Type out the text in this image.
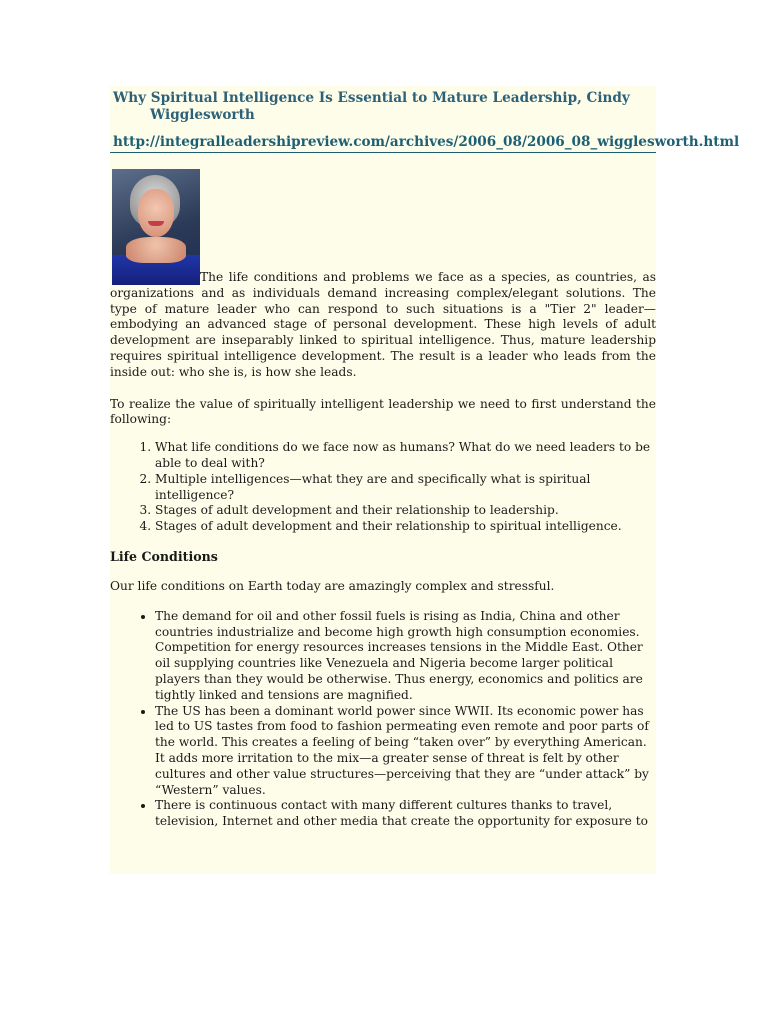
Why Spiritual Intelligence Is Essential to Mature Leadership, Cindy Wigglesworth
http://integralleadershipreview.com/archives/2006_08/2006_08_wigglesworth.html
The life conditions and problems we face as a species, as countries, as organizations and as individuals demand increasing complex/elegant solutions. The type of mature leader who can respond to such situations is a "Tier 2" leader—embodying an advanced stage of personal development. These high levels of adult development are inseparably linked to spiritual intelligence. Thus, mature leadership requires spiritual intelligence development. The result is a leader who leads from the inside out: who she is, is how she leads.

To realize the value of spiritually intelligent leadership we need to first understand the following:

1. What life conditions do we face now as humans? What do we need leaders to be able to deal with?
2. Multiple intelligences—what they are and specifically what is spiritual intelligence?
3. Stages of adult development and their relationship to leadership.
4. Stages of adult development and their relationship to spiritual intelligence.
Life Conditions

Our life conditions on Earth today are amazingly complex and stressful.

• The demand for oil and other fossil fuels is rising as India, China and other countries industrialize and become high growth high consumption economies. Competition for energy resources increases tensions in the Middle East. Other oil supplying countries like Venezuela and Nigeria become larger political players than they would be otherwise. Thus energy, economics and politics are tightly linked and tensions are magnified.
• The US has been a dominant world power since WWII. Its economic power has led to US tastes from food to fashion permeating even remote and poor parts of the world. This creates a feeling of being “taken over” by everything American. It adds more irritation to the mix—a greater sense of threat is felt by other cultures and other value structures—perceiving that they are “under attack” by “Western” values.
• There is continuous contact with many different cultures thanks to travel, television, Internet and other media that create the opportunity for exposure to
